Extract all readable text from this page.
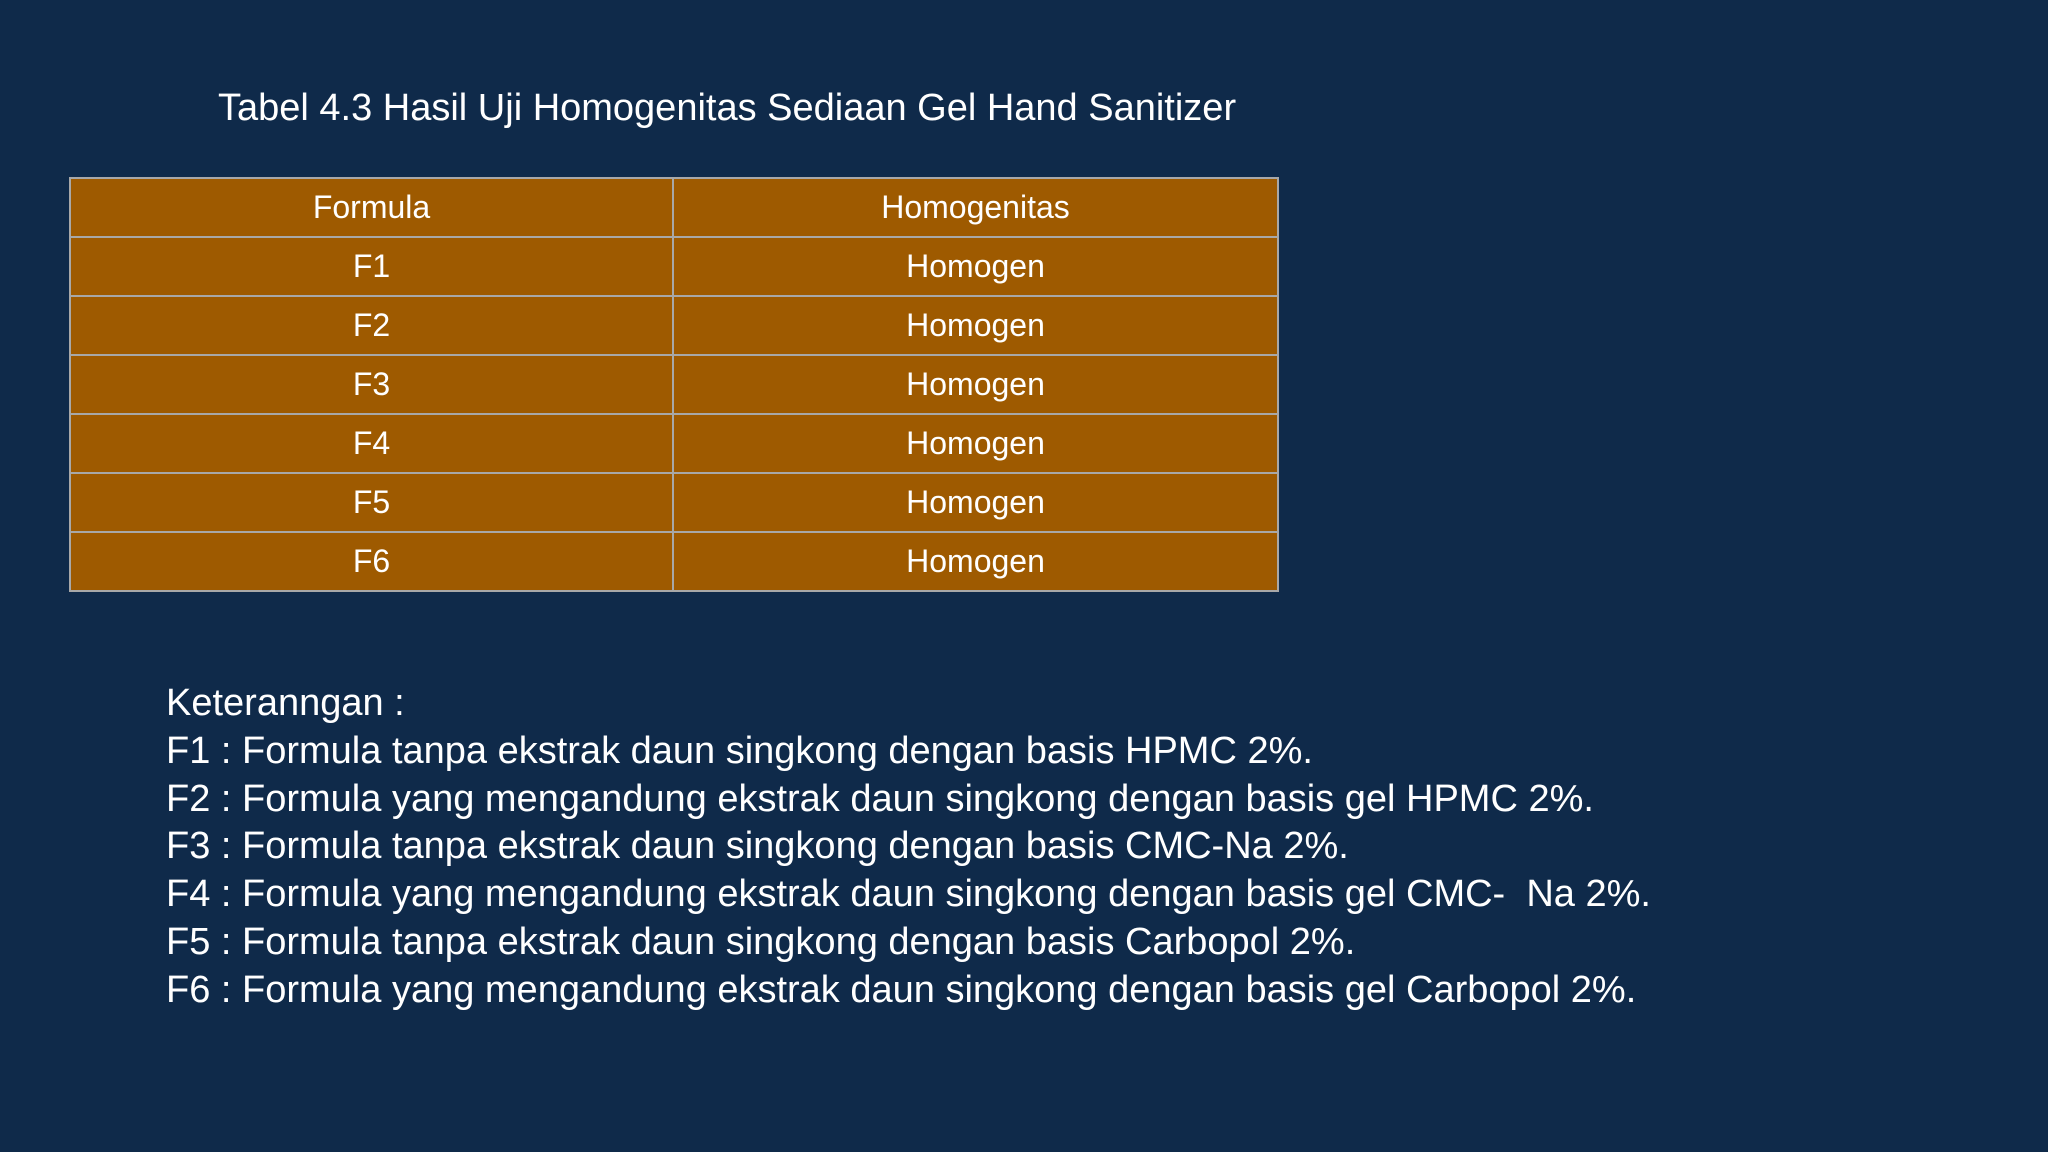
Tabel 4.3 Hasil Uji Homogenitas Sediaan Gel Hand Sanitizer
Formula	Homogenitas
F1	Homogen
F2	Homogen
F3	Homogen
F4	Homogen
F5	Homogen
F6	Homogen
Keteranngan :
F1 : Formula tanpa ekstrak daun singkong dengan basis HPMC 2%.
F2 : Formula yang mengandung ekstrak daun singkong dengan basis gel HPMC 2%.
F3 : Formula tanpa ekstrak daun singkong dengan basis CMC-Na 2%.
F4 : Formula yang mengandung ekstrak daun singkong dengan basis gel CMC-  Na 2%.
F5 : Formula tanpa ekstrak daun singkong dengan basis Carbopol 2%.
F6 : Formula yang mengandung ekstrak daun singkong dengan basis gel Carbopol 2%.
